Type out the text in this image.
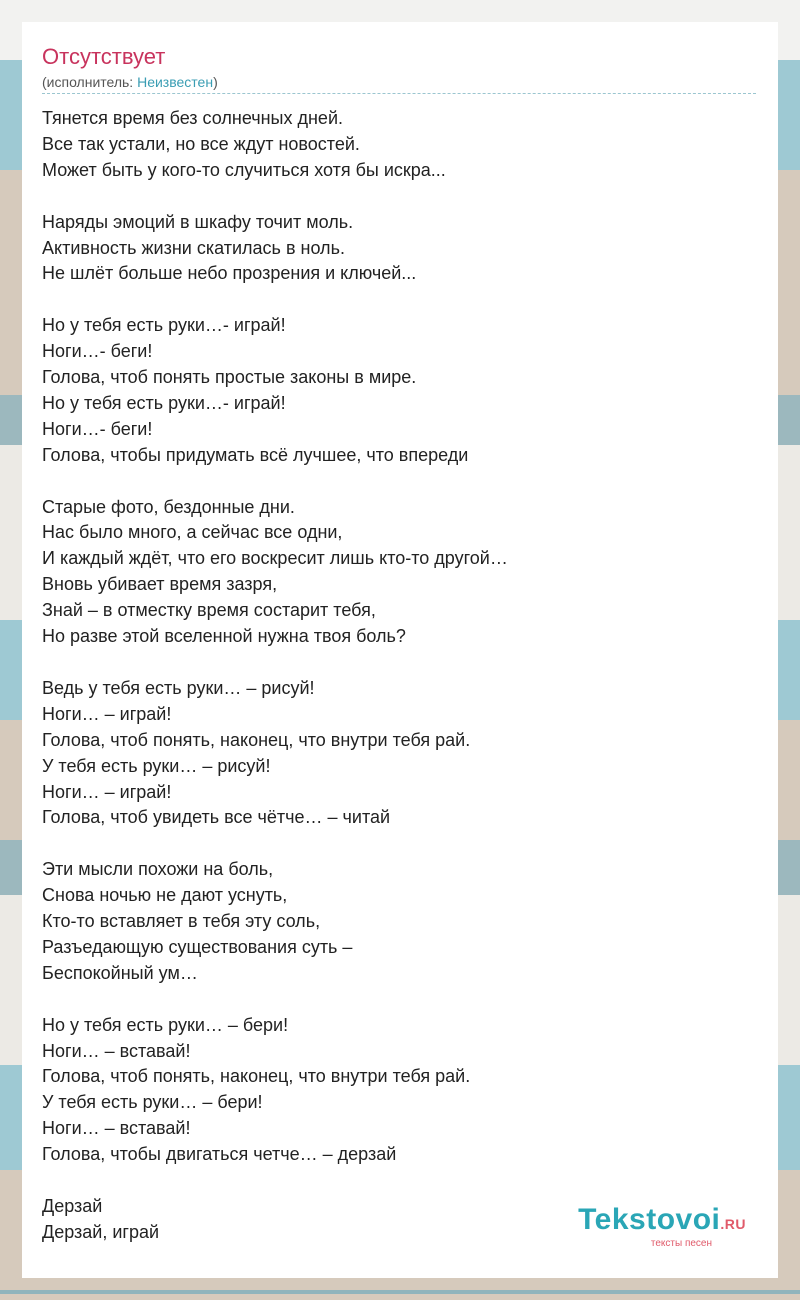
Отсутствует
(исполнитель: Неизвестен)
Тянется время без солнечных дней.
Все так устали, но все ждут новостей.
Может быть у кого-то случиться хотя бы искра...
Наряды эмоций в шкафу точит моль.
Активность жизни скатилась в ноль.
Не шлёт больше небо прозрения и ключей...
Но у тебя есть руки…- играй!
Ноги…- беги!
Голова, чтоб понять простые законы в мире.
Но у тебя есть руки…- играй!
Ноги…- беги!
Голова, чтобы придумать всё лучшее, что впереди
Старые фото, бездонные дни.
Нас было много, а сейчас все одни,
И каждый ждёт, что его воскресит лишь кто-то другой…
Вновь убивает время зазря,
Знай – в отместку время состарит тебя,
Но разве этой вселенной нужна твоя боль?
Ведь у тебя есть руки… – рисуй!
Ноги… – играй!
Голова, чтоб понять, наконец, что внутри тебя рай.
У тебя есть руки… – рисуй!
Ноги… – играй!
Голова, чтоб увидеть все чётче… – читай
Эти мысли похожи на боль,
Снова ночью не дают уснуть,
Кто-то вставляет в тебя эту соль,
Разъедающую существования суть –
Беспокойный ум…
Но у тебя есть руки… – бери!
Ноги… – вставай!
Голова, чтоб понять, наконец, что внутри тебя рай.
У тебя есть руки… – бери!
Ноги… – вставай!
Голова, чтобы двигаться четче… – дерзай
Дерзай
Дерзай, играй	Tekstovoi.RU
тексты песен
